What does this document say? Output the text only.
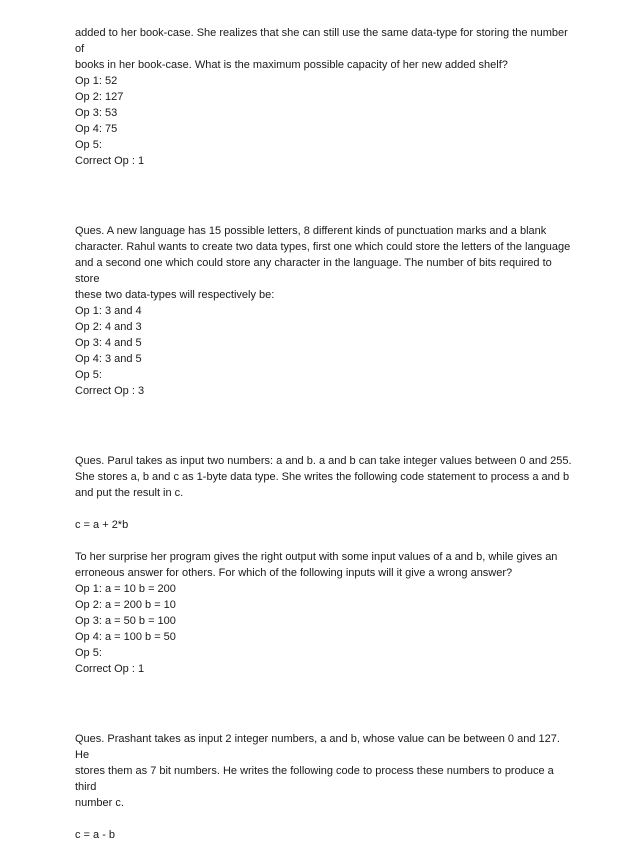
added to her book-case. She realizes that she can still use the same data-type for storing the number of
books in her book-case. What is the maximum possible capacity of her new added shelf?
Op 1: 52
Op 2: 127
Op 3: 53
Op 4: 75
Op 5:
Correct Op : 1
Ques. A new language has 15 possible letters, 8 different kinds of punctuation marks and a blank
character. Rahul wants to create two data types, first one which could store the letters of the language
and a second one which could store any character in the language. The number of bits required to store
these two data-types will respectively be:
Op 1: 3 and 4
Op 2: 4 and 3
Op 3: 4 and 5
Op 4: 3 and 5
Op 5:
Correct Op : 3
Ques. Parul takes as input two numbers: a and b. a and b can take integer values between 0 and 255.
She stores a, b and c as 1-byte data type. She writes the following code statement to process a and b
and put the result in c.
c = a + 2*b
To her surprise her program gives the right output with some input values of a and b, while gives an
erroneous answer for others. For which of the following inputs will it give a wrong answer?
Op 1: a = 10 b = 200
Op 2: a = 200 b = 10
Op 3: a = 50 b = 100
Op 4: a = 100 b = 50
Op 5:
Correct Op : 1
Ques. Prashant takes as input 2 integer numbers, a and b, whose value can be between 0 and 127. He
stores them as 7 bit numbers. He writes the following code to process these numbers to produce a third
number c.
c = a - b
